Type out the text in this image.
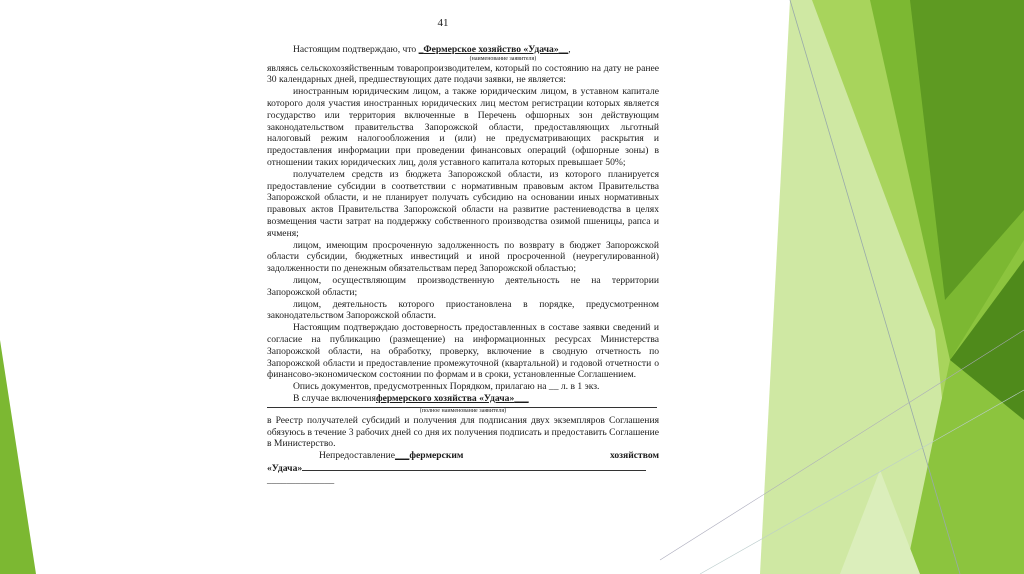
41

Настоящим подтверждаю, что _Фермерское хозяйство «Удача»__,

(наименование заявителя)

являясь сельскохозяйственным товаропроизводителем, который по состоянию на дату не ранее 30 календарных дней, предшествующих дате подачи заявки, не является:

иностранным юридическим лицом, а также юридическим лицом, в уставном капитале которого доля участия иностранных юридических лиц местом регистрации которых является государство или территория включенные в Перечень офшорных зон действующим законодательством правительства Запорожской области, предоставляющих льготный налоговый режим налогообложения и (или) не предусматривающих раскрытия и предоставления информации при проведении финансовых операций (офшорные зоны) в отношении таких юридических лиц, доля уставного капитала которых превышает 50%;

получателем средств из бюджета Запорожской области, из которого планируется предоставление субсидии в соответствии с нормативным правовым актом Правительства Запорожской области, и не планирует получать субсидию на основании иных нормативных правовых актов Правительства Запорожской области на развитие растениеводства в целях возмещения части затрат на поддержку собственного производства озимой пшеницы, рапса и ячменя;

лицом, имеющим просроченную задолженность по возврату в бюджет Запорожской области субсидии, бюджетных инвестиций и иной просроченной (неурегулированной) задолженности по денежным обязательствам перед Запорожской областью;

лицом, осуществляющим производственную деятельность не на территории Запорожской области;

лицом, деятельность которого приостановлена в порядке, предусмотренном законодательством Запорожской области.

Настоящим подтверждаю достоверность предоставленных в составе заявки сведений и согласие на публикацию (размещение) на информационных ресурсах Министерства Запорожской области, на обработку, проверку, включение в сводную отчетность по Запорожской области и предоставление промежуточной (квартальной) и годовой отчетности о финансово-экономическом состоянии по формам и в сроки, установленные Соглашением.

Опись документов, предусмотренных Порядком, прилагаю на __ л. в 1 экз.

В случае включенияфермерского хозяйства «Удача»___

(полное наименование заявителя)

в Реестр получателей субсидий и получения для подписания двух экземпляров Соглашения обязуюсь в течение 3 рабочих дней со дня их получения подписать и предоставить Соглашение в Министерство.

Непредоставление___фермерским	хозяйством

«Удача»

______________
